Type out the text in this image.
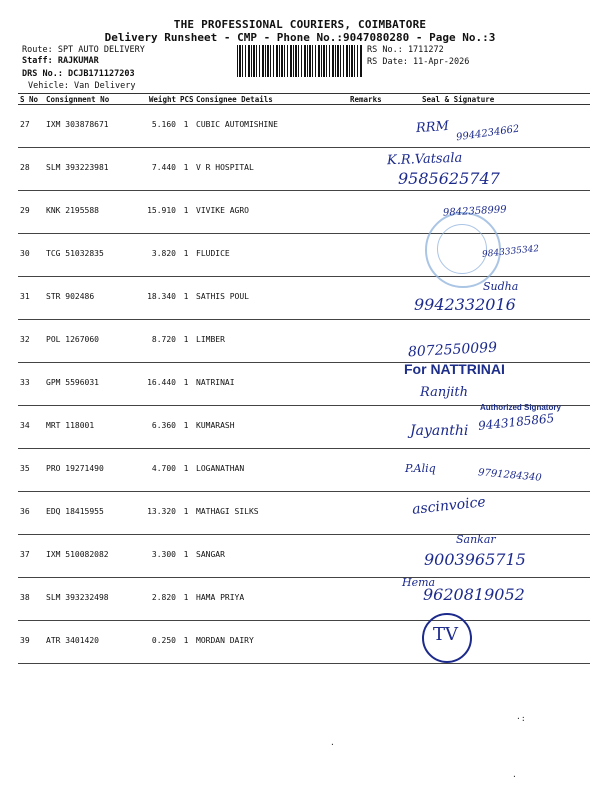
THE PROFESSIONAL COURIERS, COIMBATORE
Delivery Runsheet - CMP - Phone No.:9047080280 - Page No.:3
Route: SPT AUTO DELIVERY
Staff: RAJKUMAR
DRS No.: DCJB171127203
Vehicle: Van Delivery
RS No.: 1711272
RS Date: 11-Apr-2026
S No	Consignment No	Weight	PCS	Consignee Details	Remarks	Seal & Signature
27	IXM 303878671	5.160	1	CUBIC AUTOMISHINE		
28	SLM 393223981	7.440	1	V R HOSPITAL		
29	KNK 2195588	15.910	1	VIVIKE AGRO		
30	TCG 51032835	3.820	1	FLUDICE		
31	STR 902486	18.340	1	SATHIS POUL		
32	POL 1267060	8.720	1	LIMBER		
33	GPM 5596031	16.440	1	NATRINAI		
34	MRT 118001	6.360	1	KUMARASH		
35	PRO 19271490	4.700	1	LOGANATHAN		
36	EDQ 18415955	13.320	1	MATHAGI SILKS		
37	IXM 510082082	3.300	1	SANGAR		
38	SLM 393232498	2.820	1	HAMA PRIYA		
39	ATR 3401420	0.250	1	MORDAN DAIRY		
For NATTRINAI
Authorized Signatory
RRM 9944234662
K.R.Vatsala
9585625747
9842358999
9843335342
Sudha
9942332016
8072550099
Ranjith
Jayanthi 9443185865
P.Aliq	9791284340
ascinvoice
Sankar
9003965715
Hema
9620819052
TV
·:
·
·
